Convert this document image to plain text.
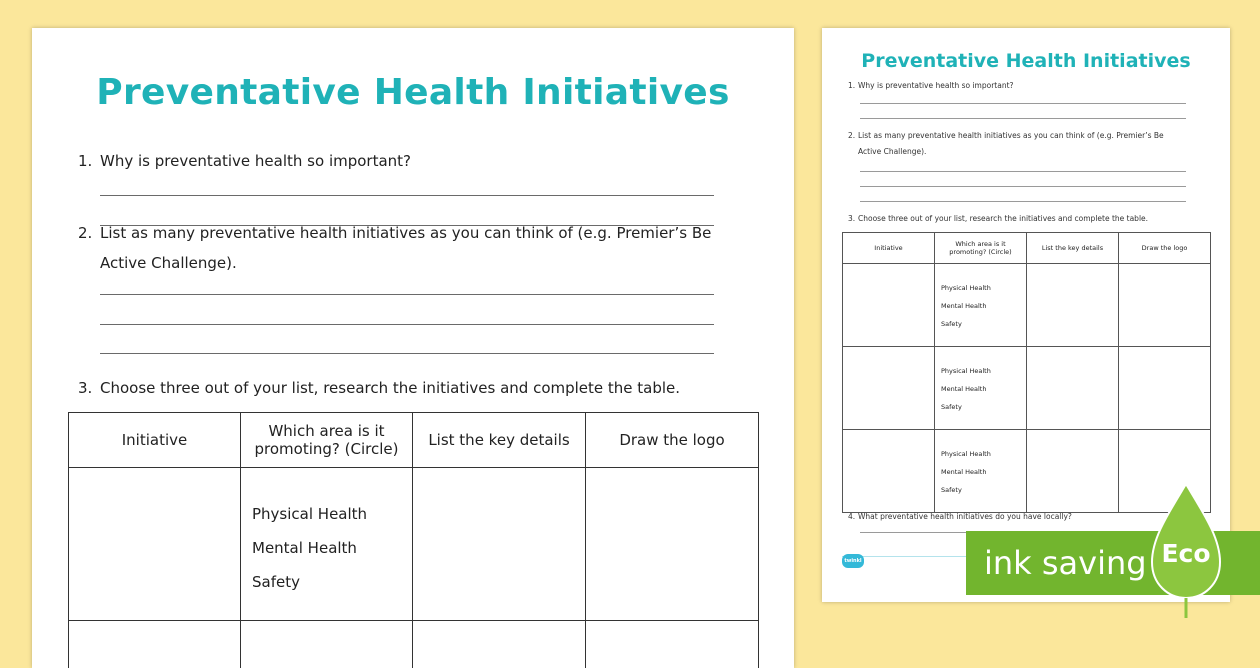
Preventative Health Initiatives
1. Why is preventative health so important?
2. List as many preventative health initiatives as you can think of (e.g. Premier’s Be
Active Challenge).
3. Choose three out of your list, research the initiatives and complete the table.
Initiative	Which area is it promoting? (Circle)	List the key details	Draw the logo

	Physical Health
Mental Health
Safety		

Preventative Health Initiatives
1. Why is preventative health so important?
2. List as many preventative health initiatives as you can think of (e.g. Premier’s Be
Active Challenge).
3. Choose three out of your list, research the initiatives and complete the table.
Initiative	Which area is it promoting? (Circle)	List the key details	Draw the logo

	Physical Health
Mental Health
Safety		

	Physical Health
Mental Health
Safety		

	Physical Health
Mental Health
Safety		

4. What preventative health initiatives do you have locally?
twinkl	ink saving Eco
